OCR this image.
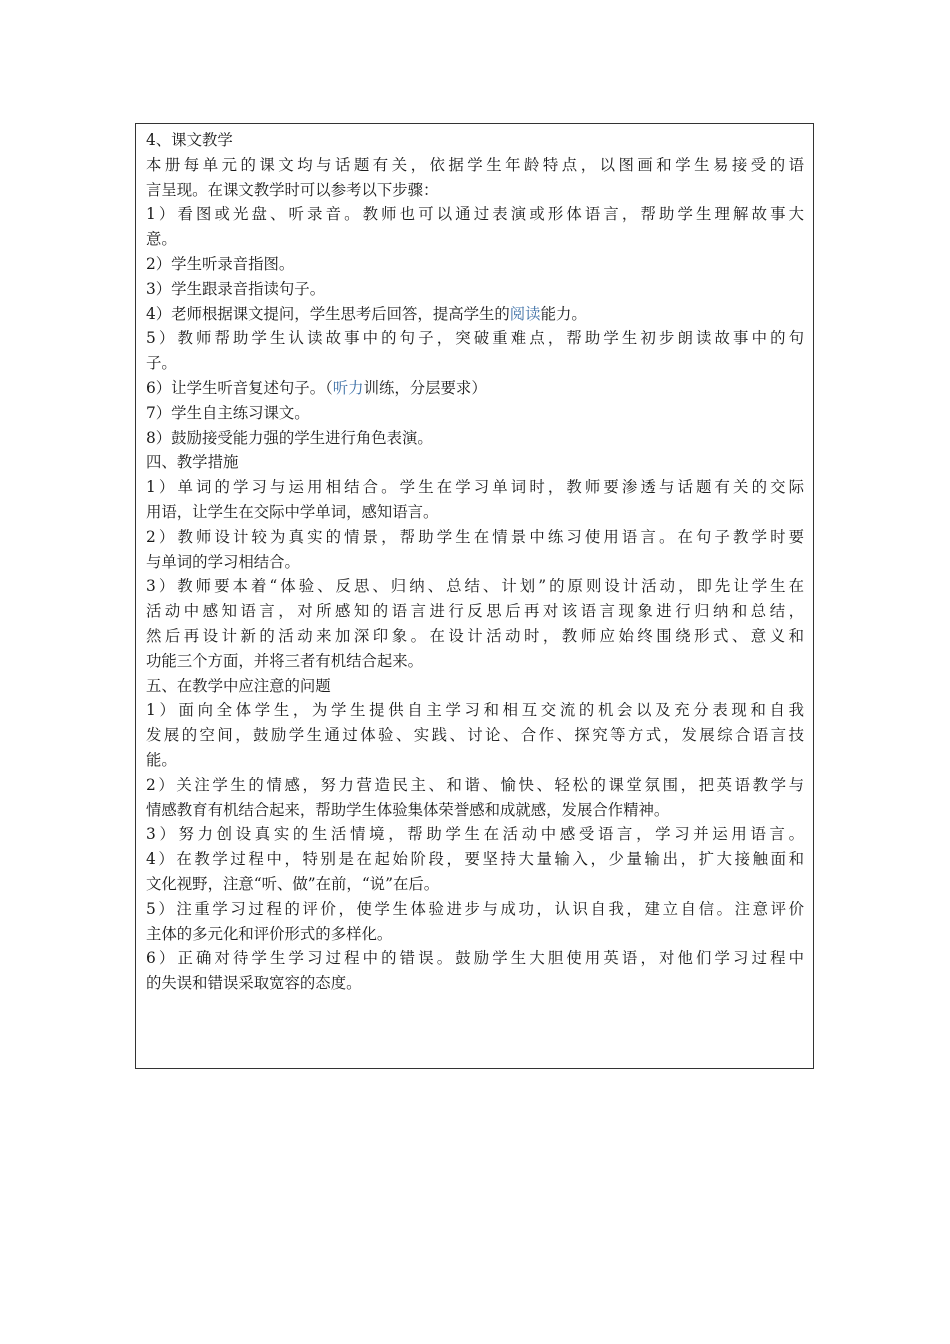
4、课文教学

本册每单元的课文均与话题有关，依据学生年龄特点，以图画和学生易接受的语

言呈现。在课文教学时可以参考以下步骤：

1）看图或光盘、听录音。教师也可以通过表演或形体语言，帮助学生理解故事大

意。

2）学生听录音指图。

3）学生跟录音指读句子。

4）老师根据课文提问，学生思考后回答，提高学生的阅读能力。

5）教师帮助学生认读故事中的句子，突破重难点，帮助学生初步朗读故事中的句

子。

6）让学生听音复述句子。（听力训练，分层要求）

7）学生自主练习课文。

8）鼓励接受能力强的学生进行角色表演。

四、教学措施

1）单词的学习与运用相结合。学生在学习单词时，教师要渗透与话题有关的交际

用语，让学生在交际中学单词，感知语言。

2）教师设计较为真实的情景，帮助学生在情景中练习使用语言。在句子教学时要

与单词的学习相结合。

3）教师要本着“体验、反思、归纳、总结、计划”的原则设计活动，即先让学生在

活动中感知语言，对所感知的语言进行反思后再对该语言现象进行归纳和总结，

然后再设计新的活动来加深印象。在设计活动时，教师应始终围绕形式、意义和

功能三个方面，并将三者有机结合起来。

五、在教学中应注意的问题

1）面向全体学生，为学生提供自主学习和相互交流的机会以及充分表现和自我

发展的空间，鼓励学生通过体验、实践、讨论、合作、探究等方式，发展综合语言技

能。

2）关注学生的情感，努力营造民主、和谐、愉快、轻松的课堂氛围，把英语教学与

情感教育有机结合起来，帮助学生体验集体荣誉感和成就感，发展合作精神。

3）努力创设真实的生活情境，帮助学生在活动中感受语言，学习并运用语言。

4）在教学过程中，特别是在起始阶段，要坚持大量输入，少量输出，扩大接触面和

文化视野，注意“听、做”在前，“说”在后。

5）注重学习过程的评价，使学生体验进步与成功，认识自我，建立自信。注意评价

主体的多元化和评价形式的多样化。

6）正确对待学生学习过程中的错误。鼓励学生大胆使用英语，对他们学习过程中

的失误和错误采取宽容的态度。
